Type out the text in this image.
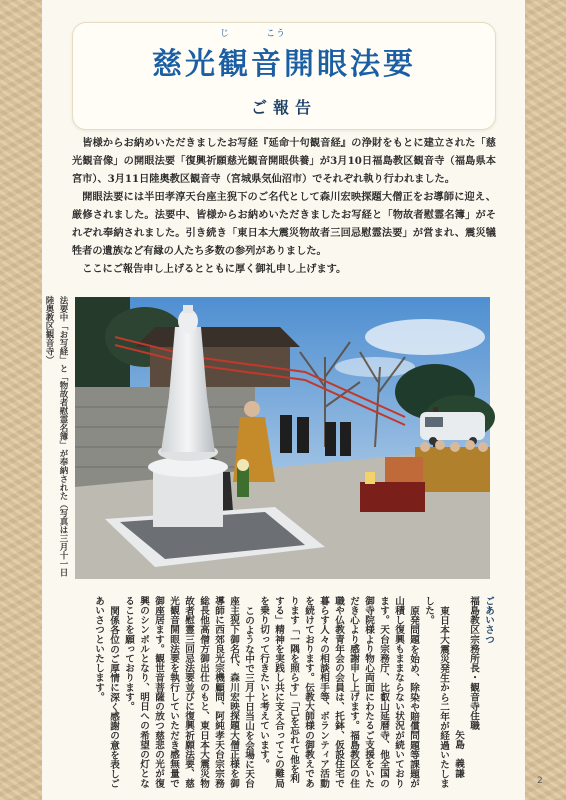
じ	こう
慈光観音開眼法要
ご報告

皆様からお納めいただきましたお写経『延命十句観音経』の浄財をもとに建立された「慈光観音像」の開眼法要「復興祈願慈光観音開眼供養」が3月10日福島教区観音寺（福島県本宮市）、3月11日陸奥教区観音寺（宮城県気仙沼市）でそれぞれ執り行われました。

開眼法要には半田孝淳天台座主猊下のご名代として森川宏映探題大僧正をお導師に迎え、厳修されました。法要中、皆様からお納めいただきましたお写経と「物故者慰霊名簿」がそれぞれ奉納されました。引き続き「東日本大震災物故者三回忌慰霊法要」が営まれ、震災犠牲者の遺族など有縁の人たち多数の参列がありました。

ここにご報告申し上げるとともに厚く御礼申し上げます。

法要中「お写経」と「物故者慰霊名簿」が奉納された（写真は三月十一日　陸奥教区観音寺）

ごあいさつ

福島教区宗務所長・観音寺住職

矢島　義謙

東日本大震災発生から二年が経過いたしました。

原発問題を始め、除染や賠償問題等課題が山積し復興もままならない状況が続いております。天台宗務庁、比叡山延暦寺、他全国の御寺院様より物心両面にわたるご支援をいただき心より感謝申し上げます。福島教区の住職や仏教青年会の会員は、托鉢、仮設住宅で暮らす人々の相談相手等、ボランティア活動を続けております。伝教大師様の御教えであります「一隅を照らす」「己を忘れて他を利する」精神を実践し共に支え合ってこの難局を乗り切って行きたいと考えています。

このような中で三月十日当山を会場に天台座主猊下御名代、森川宏映探題大僧正様を御導師に西郊良光宗機顧問、阿純孝天台宗宗務総長他高僧方御出仕のもと、東日本大震災物故者慰霊三回忌法要並びに復興祈願法要、慈光観音開眼法要を執行していただき感無量で御座居ます。観世音菩薩の放つ慈悲の光が復興のシンボルとなり、明日への希望の灯となることを願っております。

関係各位のご厚情に深く感謝の意を表しごあいさつといたします。

2
